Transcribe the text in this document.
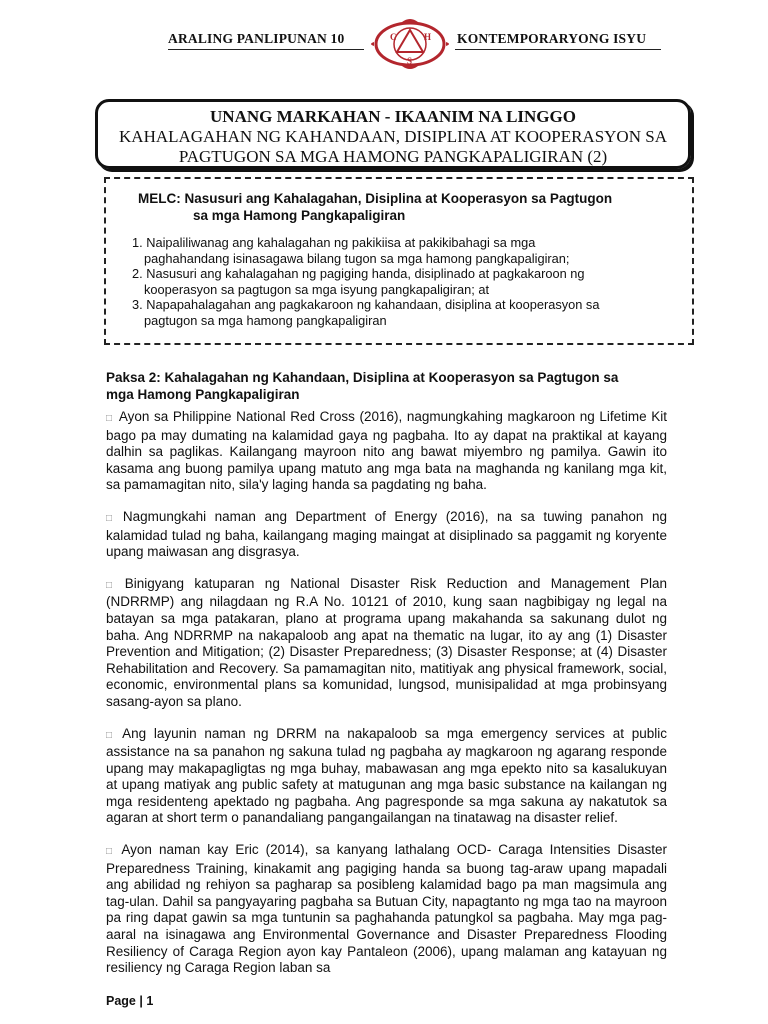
ARALING PANLIPUNAN 10	C	H
S
KONTEMPORARYONG ISYU
UNANG MARKAHAN - IKAANIM NA LINGGO
KAHALAGAHAN NG KAHANDAAN, DISIPLINA AT KOOPERASYON SA
PAGTUGON SA MGA HAMONG PANGKAPALIGIRAN (2)
MELC: Nasusuri ang Kahalagahan, Disiplina at Kooperasyon sa Pagtugon
sa mga Hamong Pangkapaligiran
1. Naipaliliwanag ang kahalagahan ng pakikiisa at pakikibahagi sa mga
paghahandang isinasagawa bilang tugon sa mga hamong pangkapaligiran;
2. Nasusuri ang kahalagahan ng pagiging handa, disiplinado at pagkakaroon ng
kooperasyon sa pagtugon sa mga isyung pangkapaligiran; at
3. Napapahalagahan ang pagkakaroon ng kahandaan, disiplina at kooperasyon sa
pagtugon sa mga hamong pangkapaligiran
Paksa 2: Kahalagahan ng Kahandaan, Disiplina at Kooperasyon sa Pagtugon sa
mga Hamong Pangkapaligiran

□ Ayon sa Philippine National Red Cross (2016), nagmungkahing magkaroon ng Lifetime Kit bago pa may dumating na kalamidad gaya ng pagbaha. Ito ay dapat na praktikal at kayang dalhin sa paglikas. Kailangang mayroon nito ang bawat miyembro ng pamilya. Gawin ito kasama ang buong pamilya upang matuto ang mga bata na maghanda ng kanilang mga kit, sa pamamagitan nito, sila'y laging handa sa pagdating ng baha.

□ Nagmungkahi naman ang Department of Energy (2016), na sa tuwing panahon ng kalamidad tulad ng baha, kailangang maging maingat at disiplinado sa paggamit ng koryente upang maiwasan ang disgrasya.

□ Binigyang katuparan ng National Disaster Risk Reduction and Management Plan (NDRRMP) ang nilagdaan ng R.A No. 10121 of 2010, kung saan nagbibigay ng legal na batayan sa mga patakaran, plano at programa upang makahanda sa sakunang dulot ng baha. Ang NDRRMP na nakapaloob ang apat na thematic na lugar, ito ay ang (1) Disaster Prevention and Mitigation; (2) Disaster Preparedness; (3) Disaster Response; at (4) Disaster Rehabilitation and Recovery. Sa pamamagitan nito, matitiyak ang physical framework, social, economic, environmental plans sa komunidad, lungsod, munisipalidad at mga probinsyang sasang-ayon sa plano.

□ Ang layunin naman ng DRRM na nakapaloob sa mga emergency services at public assistance na sa panahon ng sakuna tulad ng pagbaha ay magkaroon ng agarang responde upang may makapagligtas ng mga buhay, mabawasan ang mga epekto nito sa kasalukuyan at upang matiyak ang public safety at matugunan ang mga basic substance na kailangan ng mga residenteng apektado ng pagbaha. Ang pagresponde sa mga sakuna ay nakatutok sa agaran at short term o panandaliang pangangailangan na tinatawag na disaster relief.

□ Ayon naman kay Eric (2014), sa kanyang lathalang OCD- Caraga Intensities Disaster Preparedness Training, kinakamit ang pagiging handa sa buong tag-araw upang mapadali ang abilidad ng rehiyon sa pagharap sa posibleng kalamidad bago pa man magsimula ang tag-ulan. Dahil sa pangyayaring pagbaha sa Butuan City, napagtanto ng mga tao na mayroon pa ring dapat gawin sa mga tuntunin sa paghahanda patungkol sa pagbaha. May mga pag- aaral na isinagawa ang Environmental Governance and Disaster Preparedness Flooding Resiliency of Caraga Region ayon kay Pantaleon (2006), upang malaman ang katayuan ng resiliency ng Caraga Region laban sa

Page | 1
